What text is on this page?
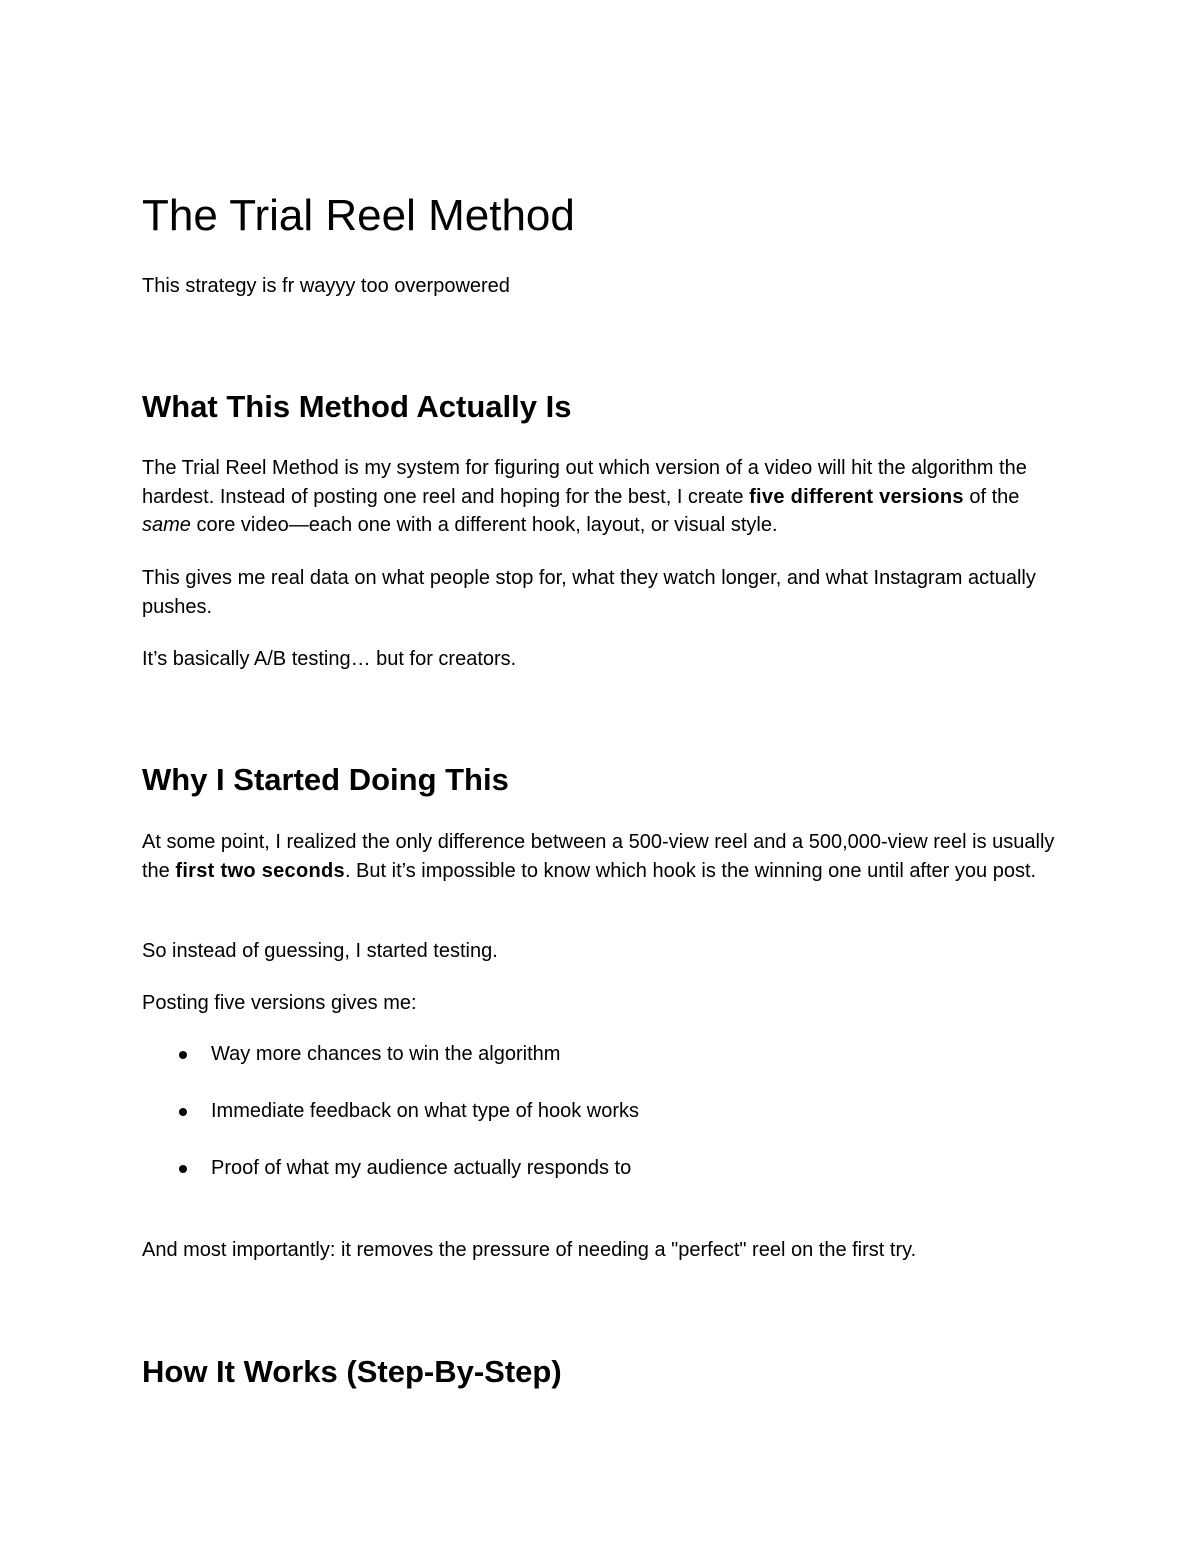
The Trial Reel Method

This strategy is fr wayyy too overpowered

What This Method Actually Is

The Trial Reel Method is my system for figuring out which version of a video will hit the algorithm the hardest. Instead of posting one reel and hoping for the best, I create five different versions of the same core video—each one with a different hook, layout, or visual style.

This gives me real data on what people stop for, what they watch longer, and what Instagram actually pushes.

It’s basically A/B testing… but for creators.

Why I Started Doing This

At some point, I realized the only difference between a 500-view reel and a 500,000-view reel is usually the first two seconds. But it’s impossible to know which hook is the winning one until after you post.

So instead of guessing, I started testing.

Posting five versions gives me:

Way more chances to win the algorithm
Immediate feedback on what type of hook works
Proof of what my audience actually responds to

And most importantly: it removes the pressure of needing a "perfect" reel on the first try.

How It Works (Step-By-Step)
